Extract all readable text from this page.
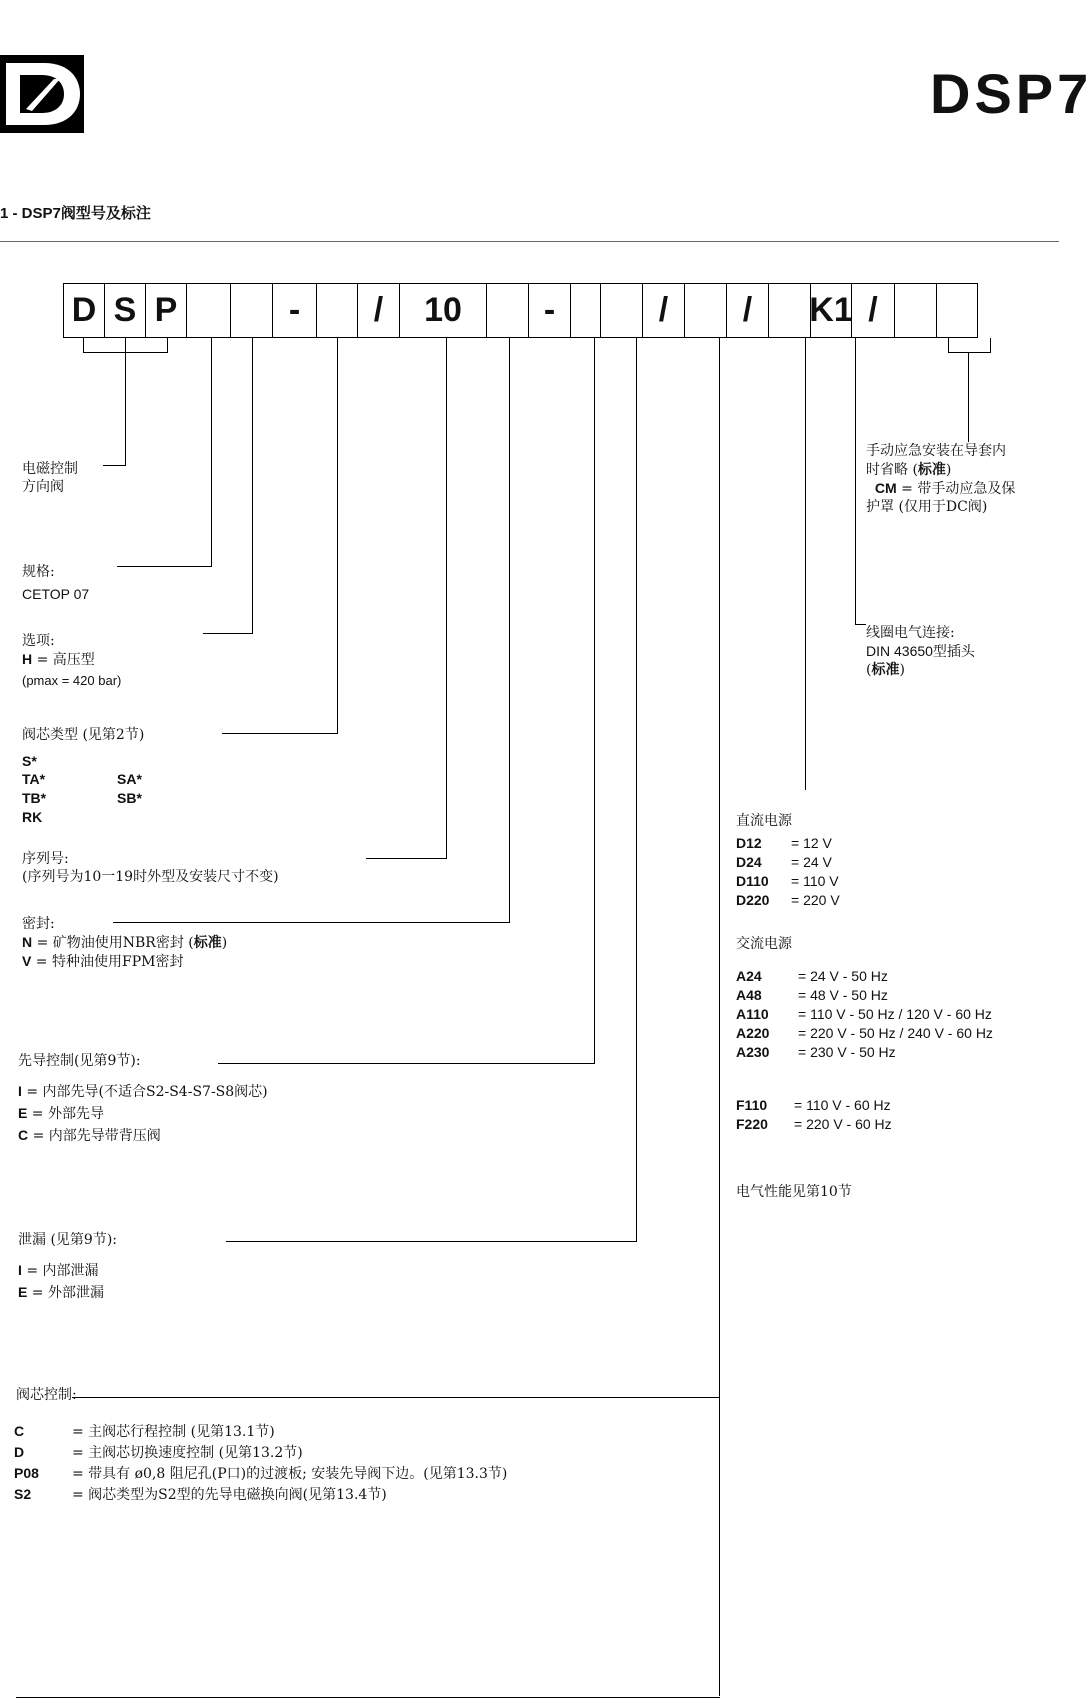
DSP7
1 - DSP7阀型号及标注
D S P	-	/	10	-	/	/	K1 /
电磁控制
方向阀
规格:
CETOP 07
选项:
H = 高压型
(pmax = 420 bar)
阀芯类型 (见第2节)
S*
TA*	SA*
TB*	SB*
RK
序列号:
(序列号为10一19时外型及安装尺寸不变)
密封:
N = 矿物油使用NBR密封 (标准)
V = 特种油使用FPM密封
先导控制(见第9节):
I = 内部先导(不适合S2-S4-S7-S8阀芯)
E = 外部先导
C = 内部先导带背压阀
泄漏 (见第9节):
I = 内部泄漏
E = 外部泄漏
阀芯控制:
C	= 主阀芯行程控制 (见第13.1节)
D	= 主阀芯切换速度控制 (见第13.2节)
P08 = 带具有 ø0,8 阻尼孔(P口)的过渡板; 安装先导阀下边。(见第13.3节)
S2	= 阀芯类型为S2型的先导电磁换向阀(见第13.4节)
手动应急安装在导套内
时省略 (标准)
CM = 带手动应急及保
护罩 (仅用于DC阀)
线圈电气连接:
DIN 43650型插头
(标准)
直流电源
D12 = 12 V
D24 = 24 V
D110 = 110 V
D220 = 220 V
交流电源
A24	= 24 V - 50 Hz
A48	= 48 V - 50 Hz
A110 = 110 V - 50 Hz / 120 V - 60 Hz
A220 = 220 V - 50 Hz / 240 V - 60 Hz
A230 = 230 V - 50 Hz
F110 = 110 V - 60 Hz
F220 = 220 V - 60 Hz
电气性能见第10节
